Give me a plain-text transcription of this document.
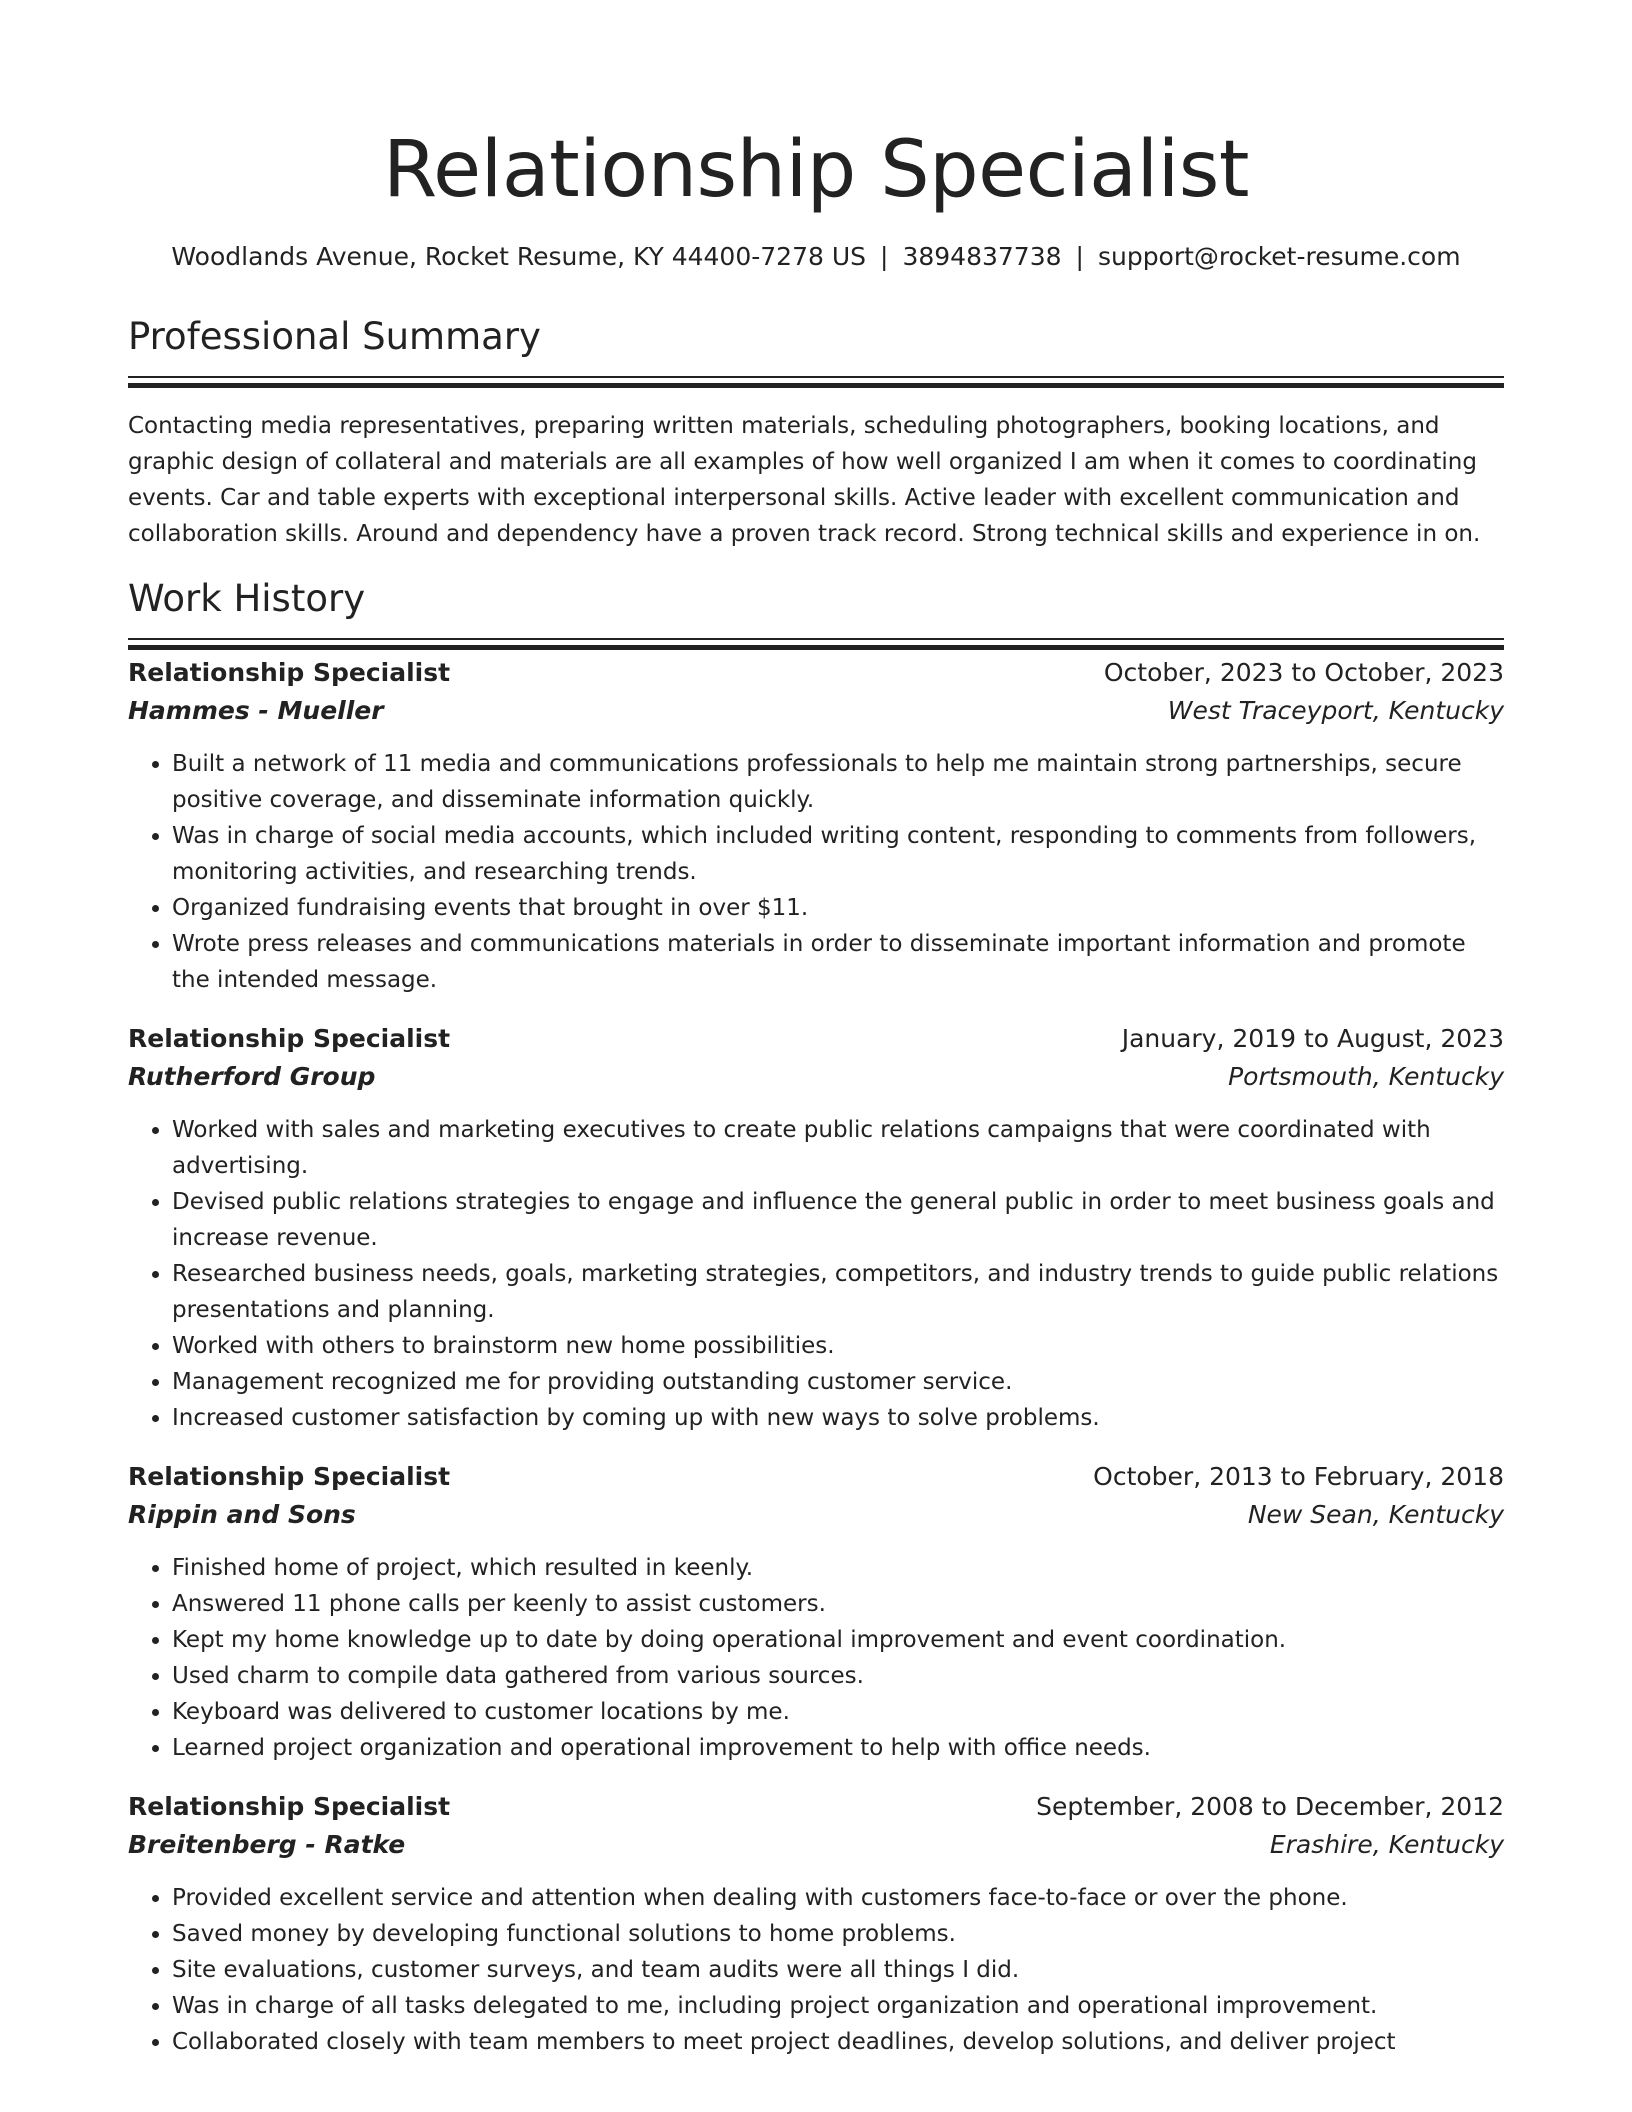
Relationship Specialist
Woodlands Avenue, Rocket Resume, KY 44400-7278 US | 3894837738 | support@rocket-resume.com
Professional Summary

Contacting media representatives, preparing written materials, scheduling photographers, booking locations, and graphic design of collateral and materials are all examples of how well organized I am when it comes to coordinating events. Car and table experts with exceptional interpersonal skills. Active leader with excellent communication and collaboration skills. Around and dependency have a proven track record. Strong technical skills and experience in on.

Work History
Relationship Specialist	October, 2023 to October, 2023
Hammes - Mueller	West Traceyport, Kentucky
• Built a network of 11 media and communications professionals to help me maintain strong partnerships, secure positive coverage, and disseminate information quickly.
• Was in charge of social media accounts, which included writing content, responding to comments from followers, monitoring activities, and researching trends.
• Organized fundraising events that brought in over $11.
• Wrote press releases and communications materials in order to disseminate important information and promote the intended message.
Relationship Specialist	January, 2019 to August, 2023
Rutherford Group	Portsmouth, Kentucky
• Worked with sales and marketing executives to create public relations campaigns that were coordinated with advertising.
• Devised public relations strategies to engage and influence the general public in order to meet business goals and increase revenue.
• Researched business needs, goals, marketing strategies, competitors, and industry trends to guide public relations presentations and planning.
• Worked with others to brainstorm new home possibilities.
• Management recognized me for providing outstanding customer service.
• Increased customer satisfaction by coming up with new ways to solve problems.
Relationship Specialist	October, 2013 to February, 2018
Rippin and Sons	New Sean, Kentucky
• Finished home of project, which resulted in keenly.
• Answered 11 phone calls per keenly to assist customers.
• Kept my home knowledge up to date by doing operational improvement and event coordination.
• Used charm to compile data gathered from various sources.
• Keyboard was delivered to customer locations by me.
• Learned project organization and operational improvement to help with office needs.
Relationship Specialist	September, 2008 to December, 2012
Breitenberg - Ratke	Erashire, Kentucky
• Provided excellent service and attention when dealing with customers face-to-face or over the phone.
• Saved money by developing functional solutions to home problems.
• Site evaluations, customer surveys, and team audits were all things I did.
• Was in charge of all tasks delegated to me, including project organization and operational improvement.
• Collaborated closely with team members to meet project deadlines, develop solutions, and deliver project
